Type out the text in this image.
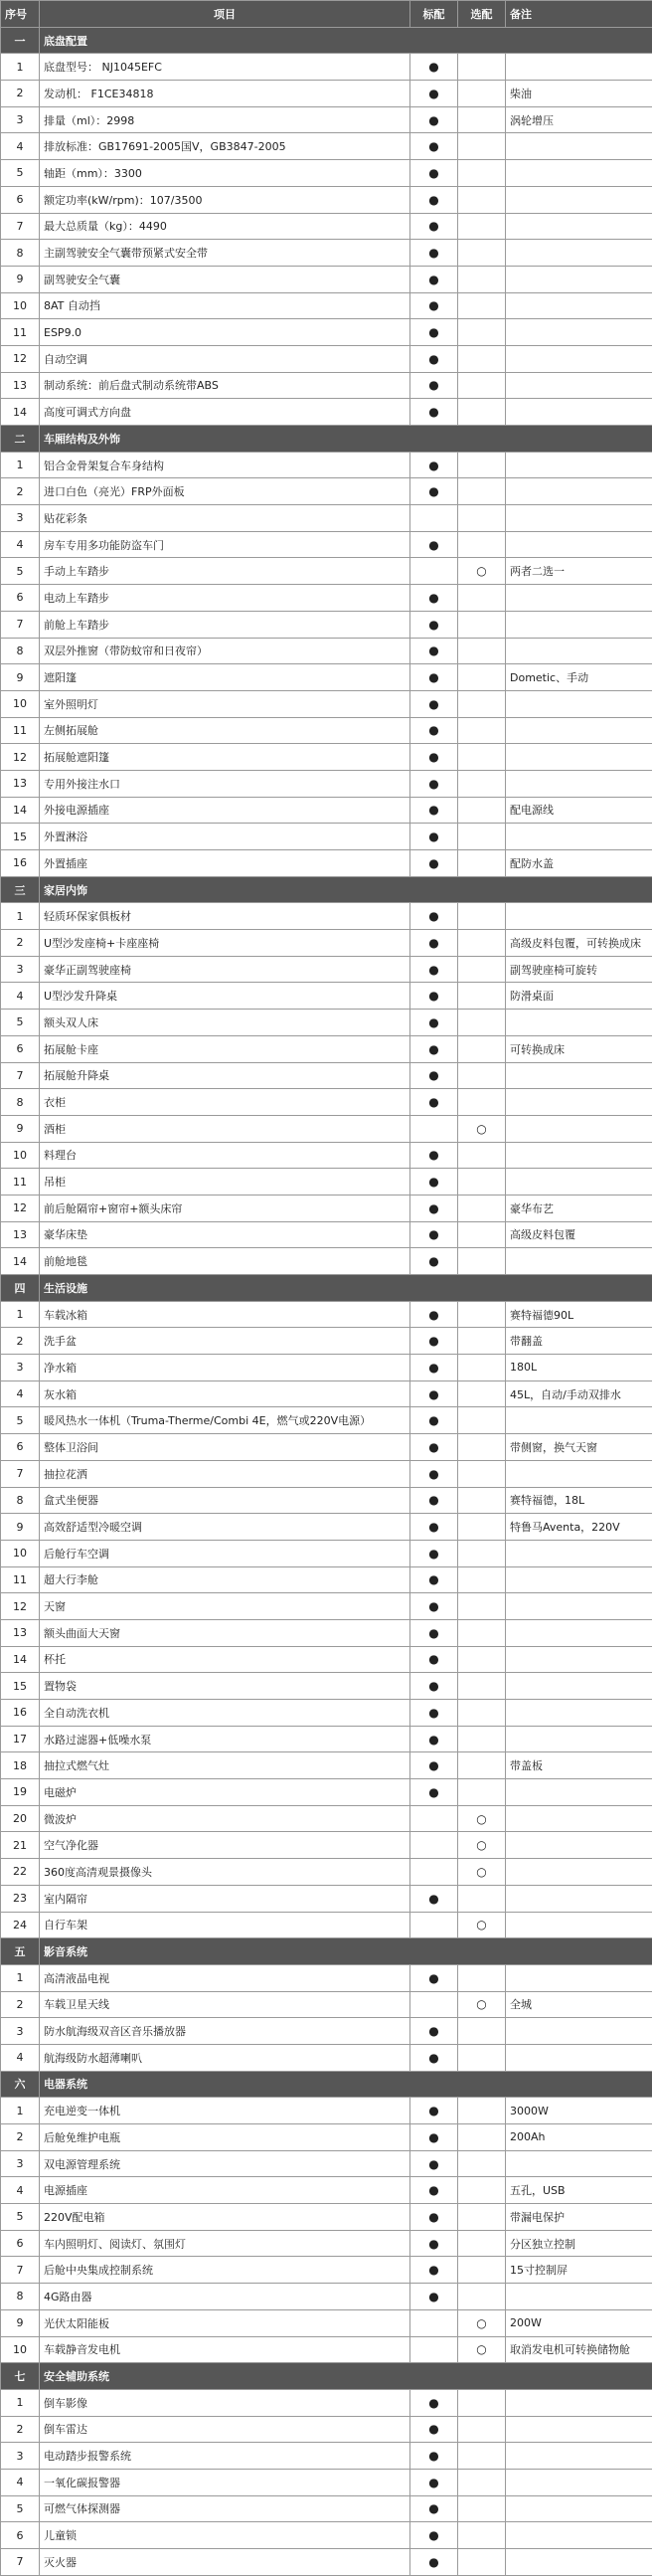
序号	项目	标配	选配	备注
一	底盘配置			
1	底盘型号： NJ1045EFC	●		
2	发动机： F1CE34818	●		柴油
3	排量（ml）：2998	●		涡轮增压
4	排放标准：GB17691-2005国V，GB3847-2005	●		
5	轴距（mm）：3300	●		
6	额定功率(kW/rpm)：107/3500	●		
7	最大总质量（kg）：4490	●		
8	主副驾驶安全气囊带预紧式安全带	●		
9	副驾驶安全气囊	●		
10	8AT 自动挡	●		
11	ESP9.0	●		
12	自动空调	●		
13	制动系统：前后盘式制动系统带ABS	●		
14	高度可调式方向盘	●		
二	车厢结构及外饰			
1	铝合金骨架复合车身结构	●		
2	进口白色（亮光）FRP外面板	●		
3	贴花彩条			
4	房车专用多功能防盗车门	●		
5	手动上车踏步		○	两者二选一
6	电动上车踏步	●		
7	前舱上车踏步	●		
8	双层外推窗（带防蚊帘和日夜帘）	●		
9	遮阳篷	●		Dometic、手动
10	室外照明灯	●		
11	左侧拓展舱	●		
12	拓展舱遮阳篷	●		
13	专用外接注水口	●		
14	外接电源插座	●		配电源线
15	外置淋浴	●		
16	外置插座	●		配防水盖
三	家居内饰			
1	轻质环保家俱板材	●		
2	U型沙发座椅+卡座座椅	●		高级皮料包覆，可转换成床
3	豪华正副驾驶座椅	●		副驾驶座椅可旋转
4	U型沙发升降桌	●		防滑桌面
5	额头双人床	●		
6	拓展舱卡座	●		可转换成床
7	拓展舱升降桌	●		
8	衣柜	●		
9	酒柜		○	
10	料理台	●		
11	吊柜	●		
12	前后舱隔帘+窗帘+额头床帘	●		豪华布艺
13	豪华床垫	●		高级皮料包覆
14	前舱地毯	●		
四	生活设施			
1	车载冰箱	●		赛特福德90L
2	洗手盆	●		带翻盖
3	净水箱	●		180L
4	灰水箱	●		45L，自动/手动双排水
5	暖风热水一体机（Truma-Therme/Combi 4E，燃气或220V电源）	●		
6	整体卫浴间	●		带侧窗，换气天窗
7	抽拉花洒	●		
8	盒式坐便器	●		赛特福德，18L
9	高效舒适型冷暖空调	●		特鲁马Aventa，220V
10	后舱行车空调	●		
11	超大行李舱	●		
12	天窗	●		
13	额头曲面大天窗	●		
14	杯托	●		
15	置物袋	●		
16	全自动洗衣机	●		
17	水路过滤器+低噪水泵	●		
18	抽拉式燃气灶	●		带盖板
19	电磁炉	●		
20	微波炉		○	
21	空气净化器		○	
22	360度高清观景摄像头		○	
23	室内隔帘	●		
24	自行车架		○	
五	影音系统			
1	高清液晶电视	●		
2	车载卫星天线		○	全城
3	防水航海级双音区音乐播放器	●		
4	航海级防水超薄喇叭	●		
六	电器系统			
1	充电逆变一体机	●		3000W
2	后舱免维护电瓶	●		200Ah
3	双电源管理系统	●		
4	电源插座	●		五孔，USB
5	220V配电箱	●		带漏电保护
6	车内照明灯、阅读灯、氛围灯	●		分区独立控制
7	后舱中央集成控制系统	●		15寸控制屏
8	4G路由器	●		
9	光伏太阳能板		○	200W
10	车载静音发电机		○	取消发电机可转换储物舱
七	安全辅助系统			
1	倒车影像	●		
2	倒车雷达	●		
3	电动踏步报警系统	●		
4	一氧化碳报警器	●		
5	可燃气体探测器	●		
6	儿童锁	●		
7	灭火器	●		
